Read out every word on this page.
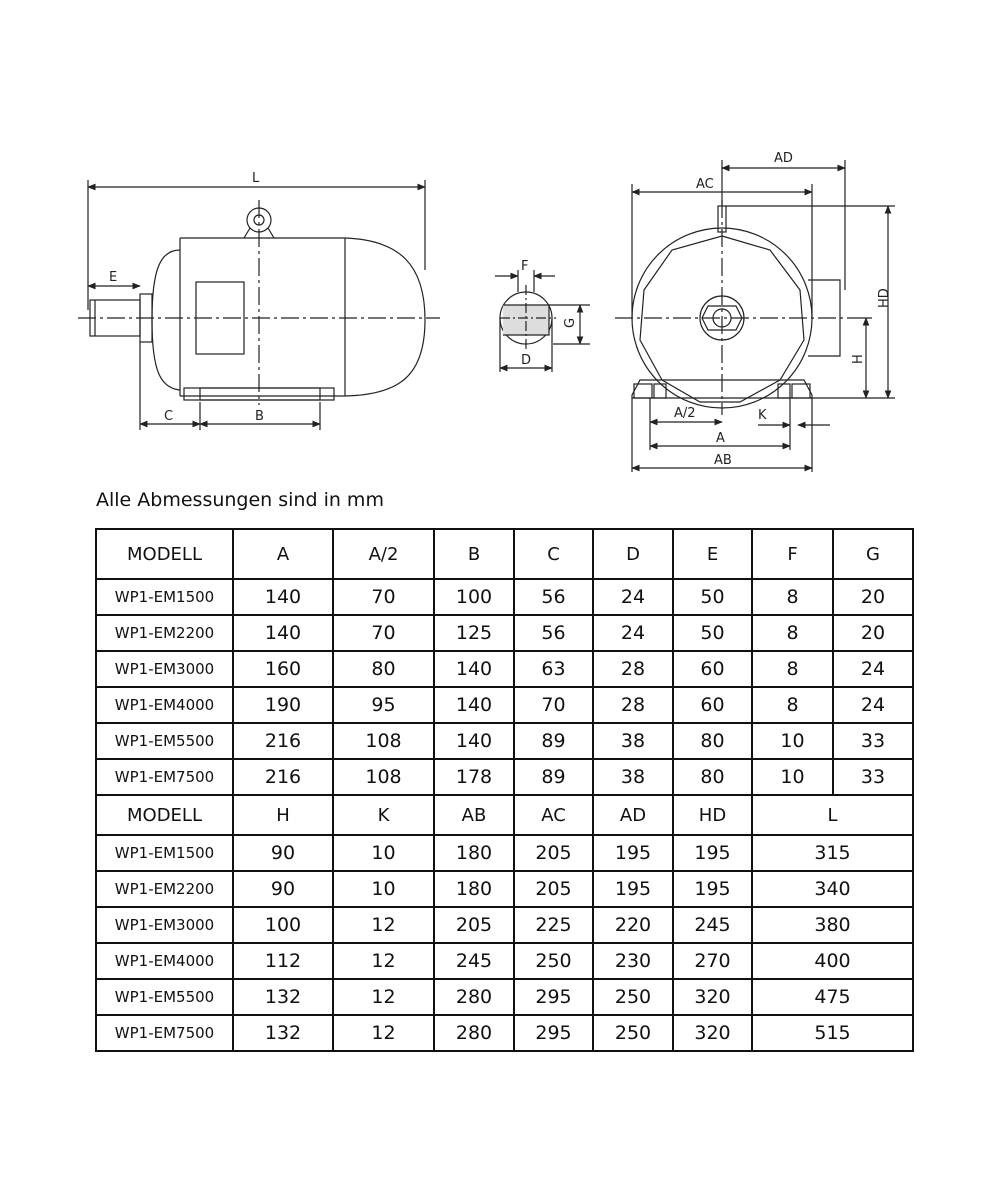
L
E
C	B
F
G
D
AD
AC
HD
H
A/2	K
A
AB
Alle Abmessungen sind in mm
MODELL	A	A/2	B	C	D	E	F	G
WP1-EM1500	140	70	100	56	24	50	8	20
WP1-EM2200	140	70	125	56	24	50	8	20
WP1-EM3000	160	80	140	63	28	60	8	24
WP1-EM4000	190	95	140	70	28	60	8	24
WP1-EM5500	216	108	140	89	38	80	10	33
WP1-EM7500	216	108	178	89	38	80	10	33
MODELL	H	K	AB	AC	AD	HD	L	
WP1-EM1500	90	10	180	205	195	195	315	
WP1-EM2200	90	10	180	205	195	195	340	
WP1-EM3000	100	12	205	225	220	245	380	
WP1-EM4000	112	12	245	250	230	270	400	
WP1-EM5500	132	12	280	295	250	320	475	
WP1-EM7500	132	12	280	295	250	320	515	
